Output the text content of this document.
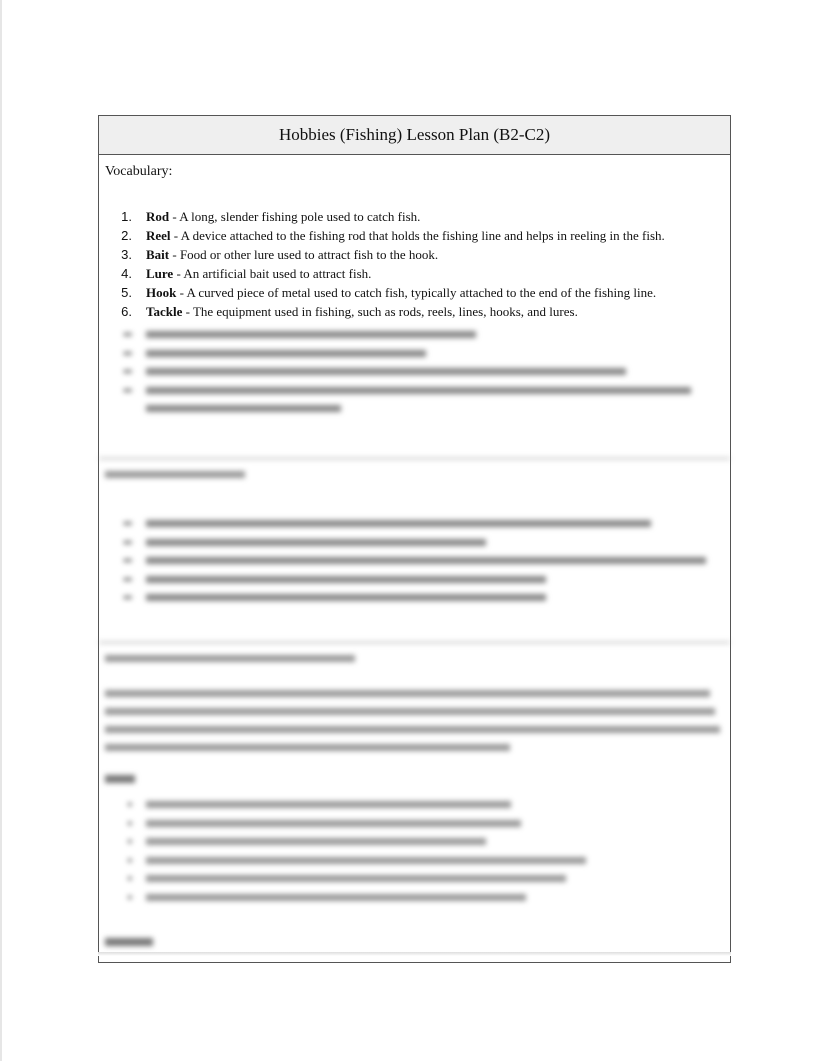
Hobbies (Fishing) Lesson Plan (B2-C2)
Vocabulary:
1.	Rod - A long, slender fishing pole used to catch fish.
2.	Reel - A device attached to the fishing rod that holds the fishing line and helps in reeling in the fish.
3.	Bait - Food or other lure used to attract fish to the hook.
4.	Lure - An artificial bait used to attract fish.
5.	Hook - A curved piece of metal used to catch fish, typically attached to the end of the fishing line.
6.	Tackle - The equipment used in fishing, such as rods, reels, lines, hooks, and lures.
▪▪
▪▪
▪▪
▪▪
▪▪
▪▪
▪▪
▪▪
▪▪
▪
▪
▪
▪
▪
▪
